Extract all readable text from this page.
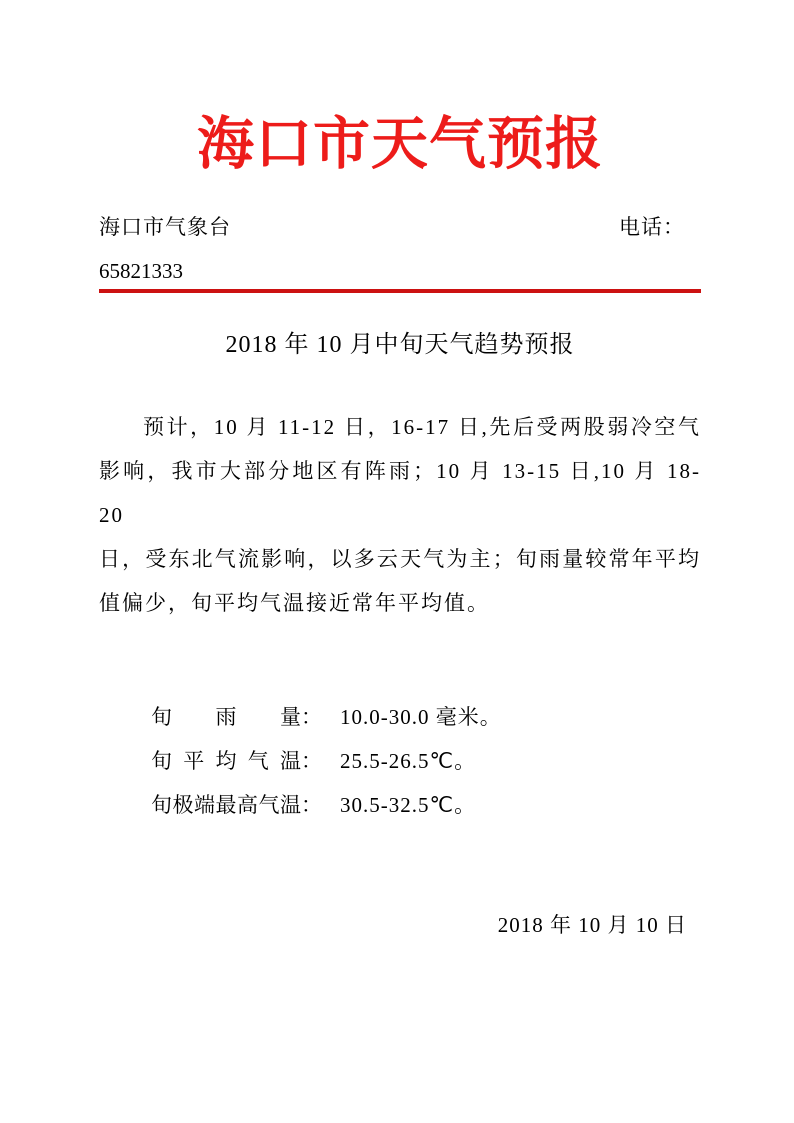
海口市天气预报
海口市气象台	电话：
65821333
2018 年 10 月中旬天气趋势预报
预计，10 月 11-12 日，16-17 日,先后受两股弱冷空气
影响，我市大部分地区有阵雨；10 月 13-15 日,10 月 18-20
日，受东北气流影响，以多云天气为主；旬雨量较常年平均
值偏少，旬平均气温接近常年平均值。
旬雨量： 10.0-30.0 毫米。
旬平均气温： 25.5-26.5℃。
旬极端最高气温： 30.5-32.5℃。
2018 年 10 月 10 日
